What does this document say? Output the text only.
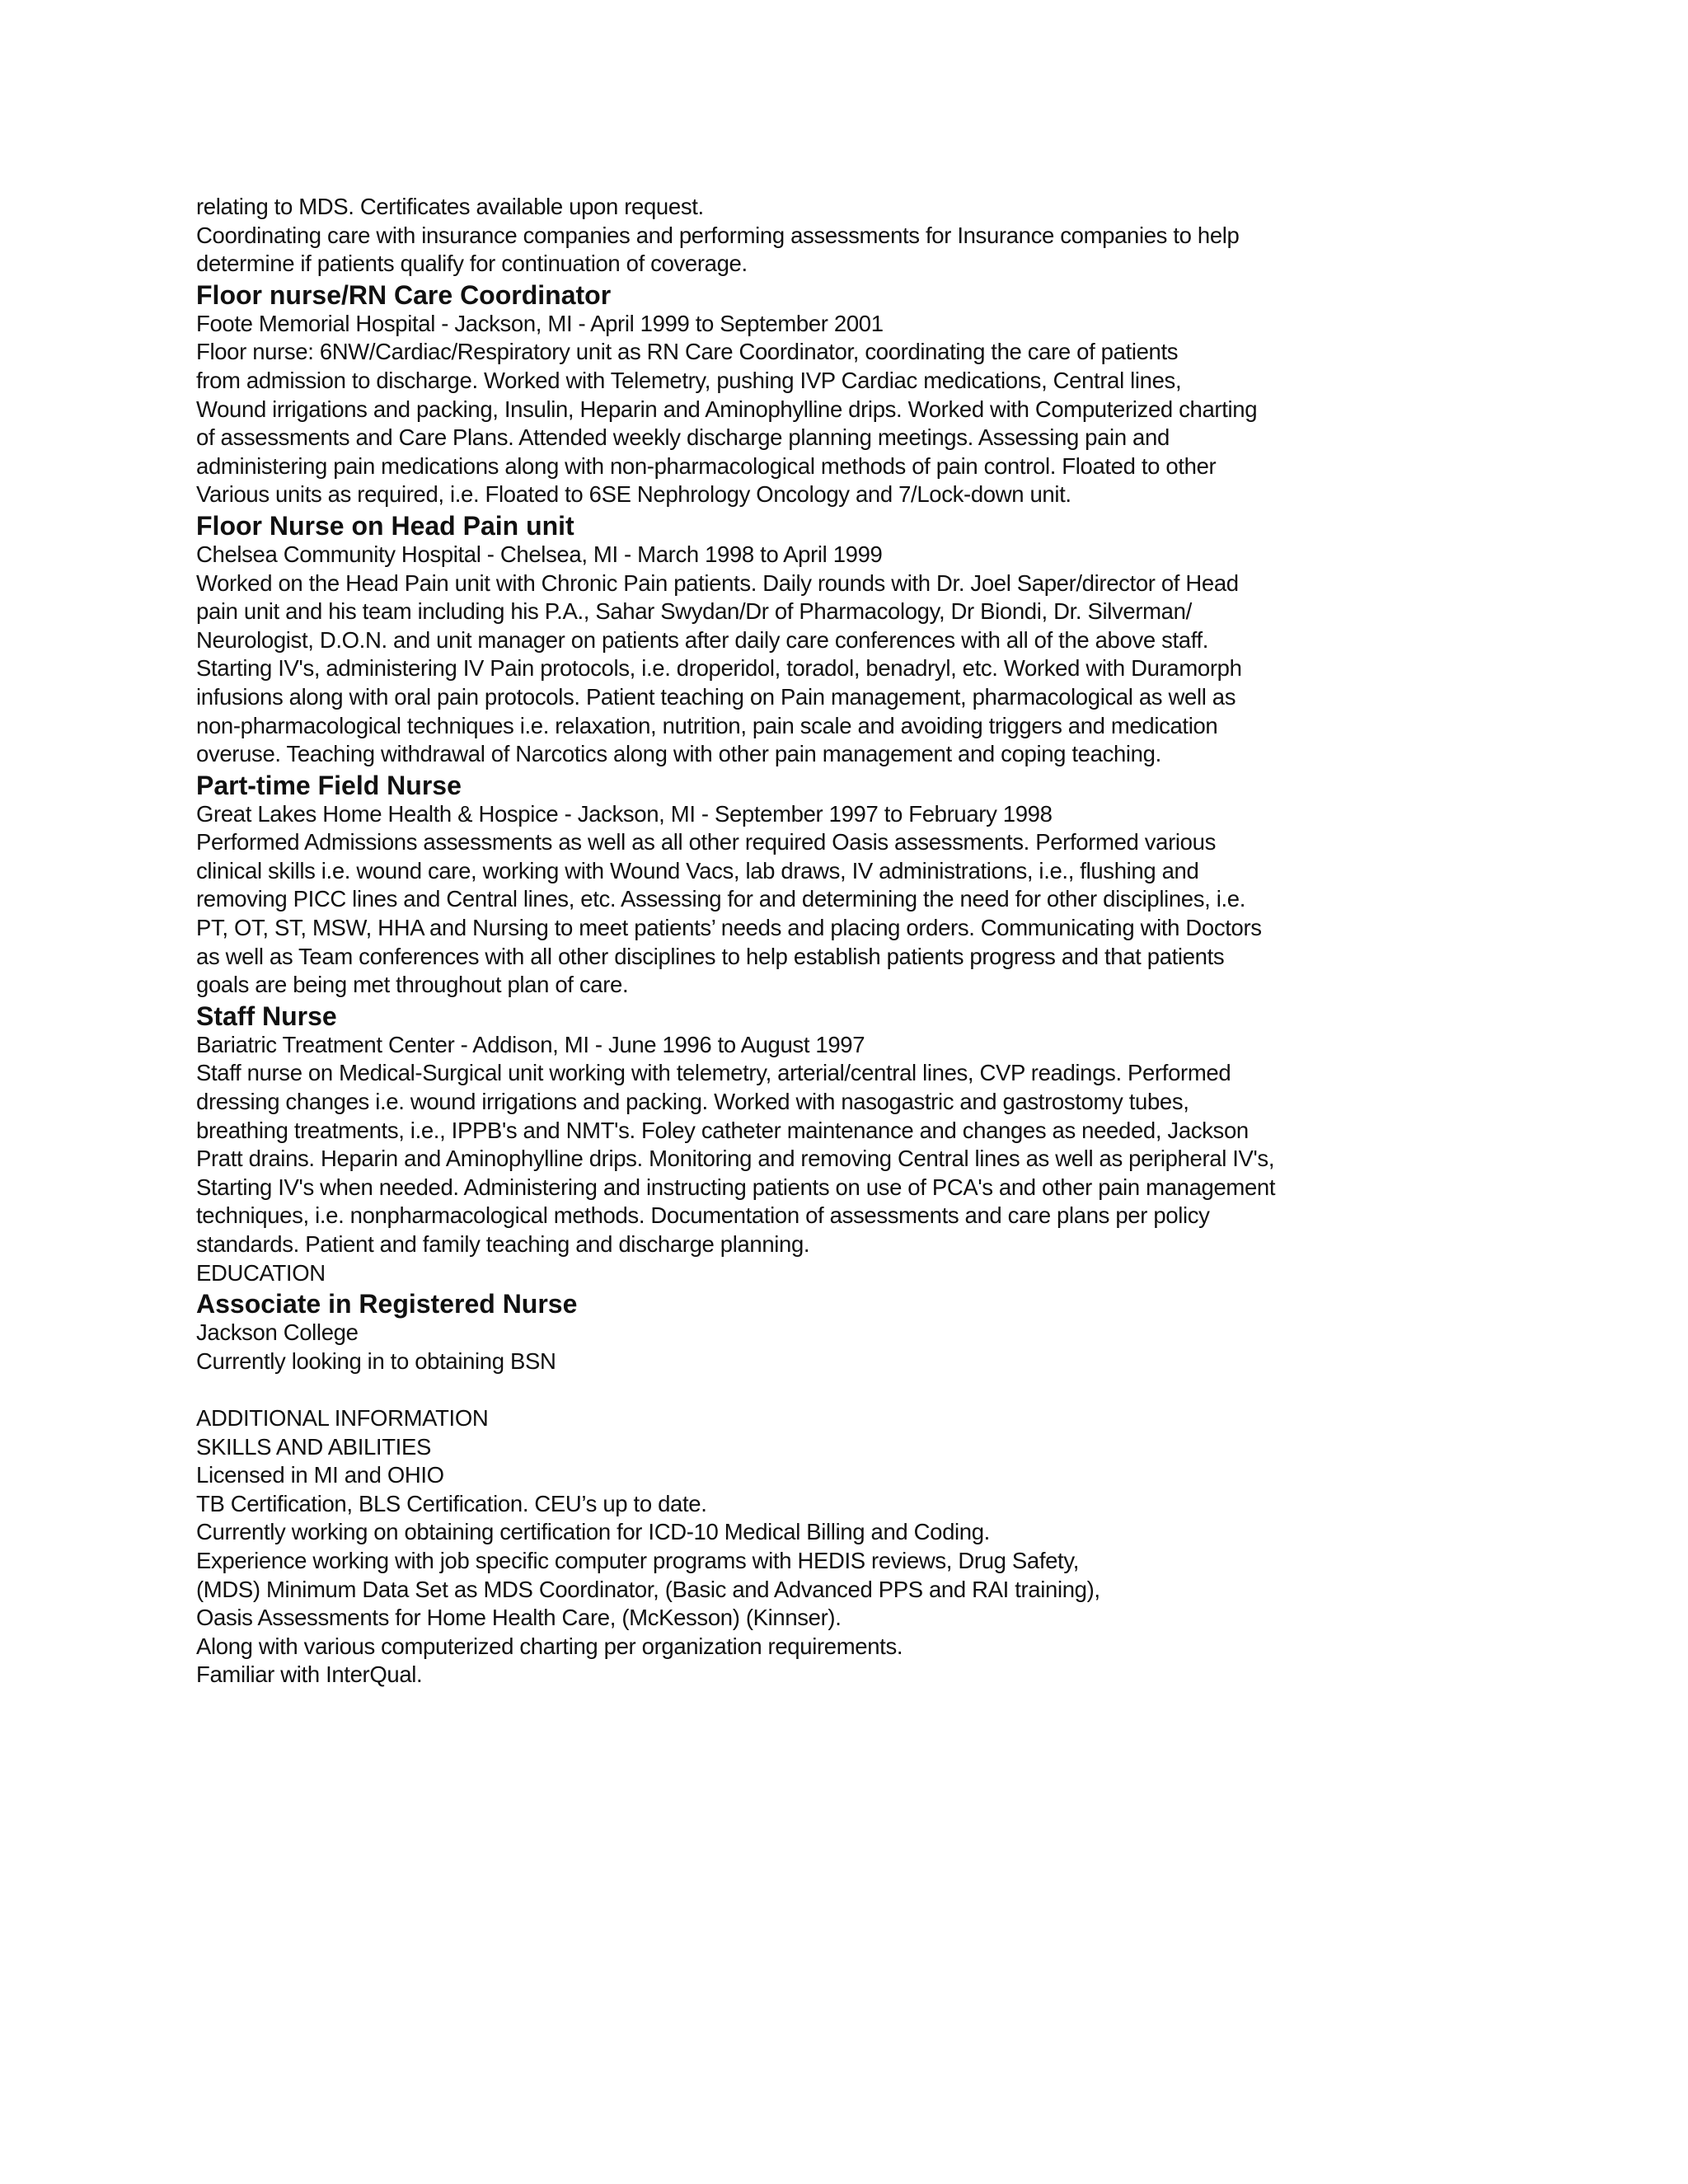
relating to MDS. Certificates available upon request.
Coordinating care with insurance companies and performing assessments for Insurance companies to help
determine if patients qualify for continuation of coverage.
Floor nurse/RN Care Coordinator
Foote Memorial Hospital - Jackson, MI - April 1999 to September 2001
Floor nurse: 6NW/Cardiac/Respiratory unit as RN Care Coordinator, coordinating the care of patients
from admission to discharge. Worked with Telemetry, pushing IVP Cardiac medications, Central lines,
Wound irrigations and packing, Insulin, Heparin and Aminophylline drips. Worked with Computerized charting
of assessments and Care Plans. Attended weekly discharge planning meetings. Assessing pain and
administering pain medications along with non-pharmacological methods of pain control. Floated to other
Various units as required, i.e. Floated to 6SE Nephrology Oncology and 7/Lock-down unit.
Floor Nurse on Head Pain unit
Chelsea Community Hospital - Chelsea, MI - March 1998 to April 1999
Worked on the Head Pain unit with Chronic Pain patients. Daily rounds with Dr. Joel Saper/director of Head
pain unit and his team including his P.A., Sahar Swydan/Dr of Pharmacology, Dr Biondi, Dr. Silverman/
Neurologist, D.O.N. and unit manager on patients after daily care conferences with all of the above staff.
Starting IV's, administering IV Pain protocols, i.e. droperidol, toradol, benadryl, etc. Worked with Duramorph
infusions along with oral pain protocols. Patient teaching on Pain management, pharmacological as well as
non-pharmacological techniques i.e. relaxation, nutrition, pain scale and avoiding triggers and medication
overuse. Teaching withdrawal of Narcotics along with other pain management and coping teaching.
Part-time Field Nurse
Great Lakes Home Health & Hospice - Jackson, MI - September 1997 to February 1998
Performed Admissions assessments as well as all other required Oasis assessments. Performed various
clinical skills i.e. wound care, working with Wound Vacs, lab draws, IV administrations, i.e., flushing and
removing PICC lines and Central lines, etc. Assessing for and determining the need for other disciplines, i.e.
PT, OT, ST, MSW, HHA and Nursing to meet patients’ needs and placing orders. Communicating with Doctors
as well as Team conferences with all other disciplines to help establish patients progress and that patients
goals are being met throughout plan of care.
Staff Nurse
Bariatric Treatment Center - Addison, MI - June 1996 to August 1997
Staff nurse on Medical-Surgical unit working with telemetry, arterial/central lines, CVP readings. Performed
dressing changes i.e. wound irrigations and packing. Worked with nasogastric and gastrostomy tubes,
breathing treatments, i.e., IPPB's and NMT's. Foley catheter maintenance and changes as needed, Jackson
Pratt drains. Heparin and Aminophylline drips. Monitoring and removing Central lines as well as peripheral IV's,
Starting IV's when needed. Administering and instructing patients on use of PCA's and other pain management
techniques, i.e. nonpharmacological methods. Documentation of assessments and care plans per policy
standards. Patient and family teaching and discharge planning.
EDUCATION
Associate in Registered Nurse
Jackson College
Currently looking in to obtaining BSN
ADDITIONAL INFORMATION
SKILLS AND ABILITIES
Licensed in MI and OHIO
TB Certification, BLS Certification. CEU’s up to date.
Currently working on obtaining certification for ICD-10 Medical Billing and Coding.
Experience working with job specific computer programs with HEDIS reviews, Drug Safety,
(MDS) Minimum Data Set as MDS Coordinator, (Basic and Advanced PPS and RAI training),
Oasis Assessments for Home Health Care, (McKesson) (Kinnser).
Along with various computerized charting per organization requirements.
Familiar with InterQual.
